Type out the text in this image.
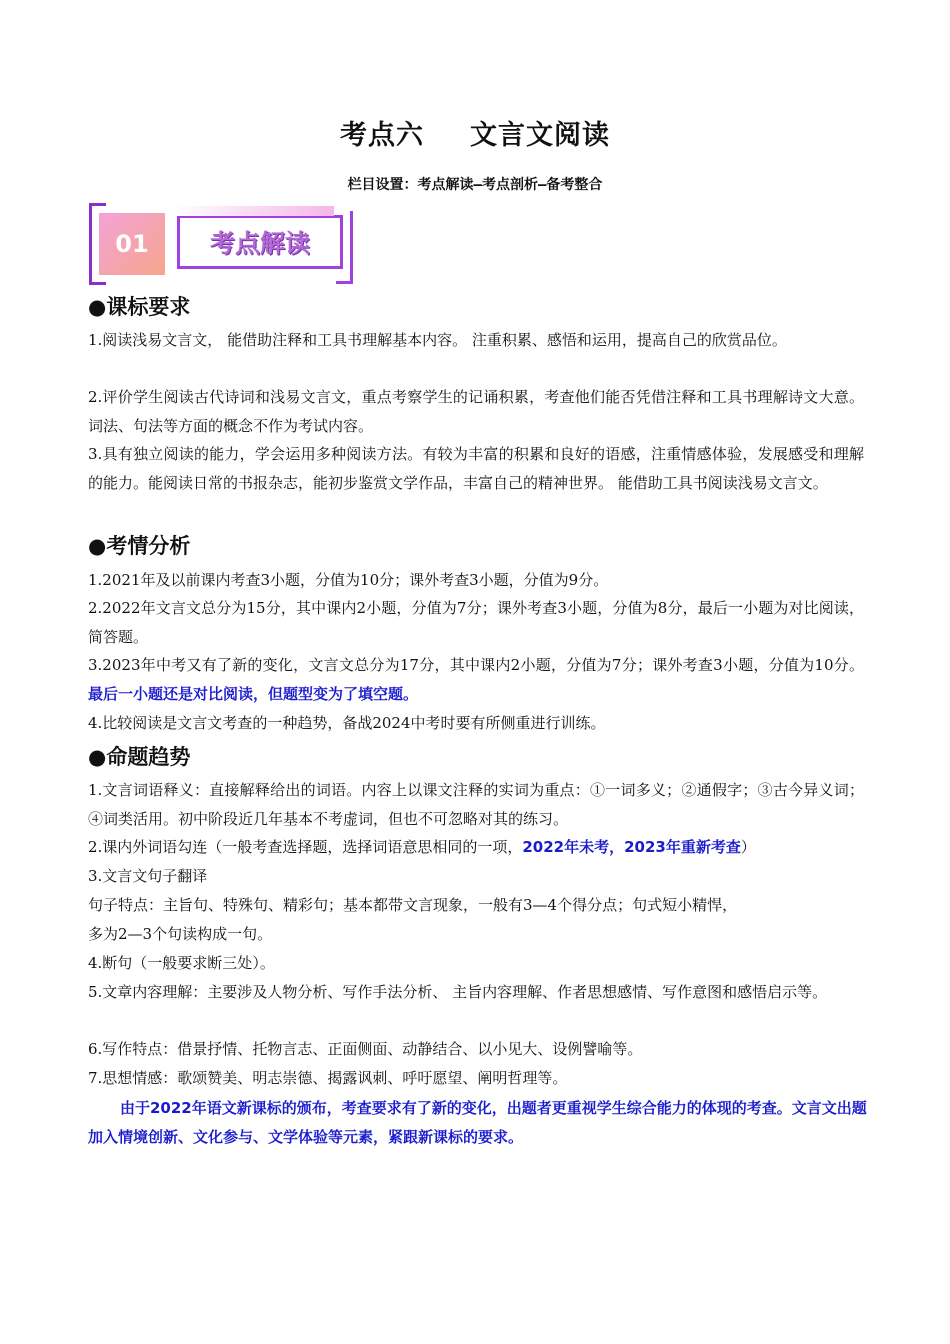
考点六 文言文阅读
栏目设置：考点解读—考点剖析—备考整合
01	考点解读
●课标要求
1.阅读浅易文言文， 能借助注释和工具书理解基本内容。 注重积累、感悟和运用，提高自己的欣赏品位。
2.评价学生阅读古代诗词和浅易文言文，重点考察学生的记诵积累，考查他们能否凭借注释和工具书理解诗文大意。词法、句法等方面的概念不作为考试内容。
3.具有独立阅读的能力，学会运用多种阅读方法。有较为丰富的积累和良好的语感，注重情感体验，发展感受和理解的能力。能阅读日常的书报杂志，能初步鉴赏文学作品，丰富自己的精神世界。 能借助工具书阅读浅易文言文。
●考情分析
1.2021年及以前课内考查3小题，分值为10分；课外考查3小题，分值为9分。
2.2022年文言文总分为15分，其中课内2小题，分值为7分；课外考查3小题，分值为8分，最后一小题为对比阅读，简答题。
3.2023年中考又有了新的变化，文言文总分为17分，其中课内2小题，分值为7分；课外考查3小题，分值为10分。最后一小题还是对比阅读，但题型变为了填空题。
4.比较阅读是文言文考查的一种趋势，备战2024中考时要有所侧重进行训练。
●命题趋势
1.文言词语释义：直接解释给出的词语。内容上以课文注释的实词为重点：①一词多义；②通假字；③古今异义词；④词类活用。初中阶段近几年基本不考虚词，但也不可忽略对其的练习。
2.课内外词语勾连（一般考查选择题，选择词语意思相同的一项，2022年未考，2023年重新考查）
3.文言文句子翻译
句子特点：主旨句、特殊句、精彩句；基本都带文言现象，一般有3—4个得分点；句式短小精悍，
多为2—3个句读构成一句。
4.断句（一般要求断三处）。
5.文章内容理解：主要涉及人物分析、写作手法分析、 主旨内容理解、作者思想感情、写作意图和感悟启示等。
6.写作特点：借景抒情、托物言志、正面侧面、动静结合、以小见大、设例譬喻等。
7.思想情感：歌颂赞美、明志崇德、揭露讽刺、呼吁愿望、阐明哲理等。
由于2022年语文新课标的颁布，考查要求有了新的变化，出题者更重视学生综合能力的体现的考查。文言文出题加入情境创新、文化参与、文学体验等元素，紧跟新课标的要求。
